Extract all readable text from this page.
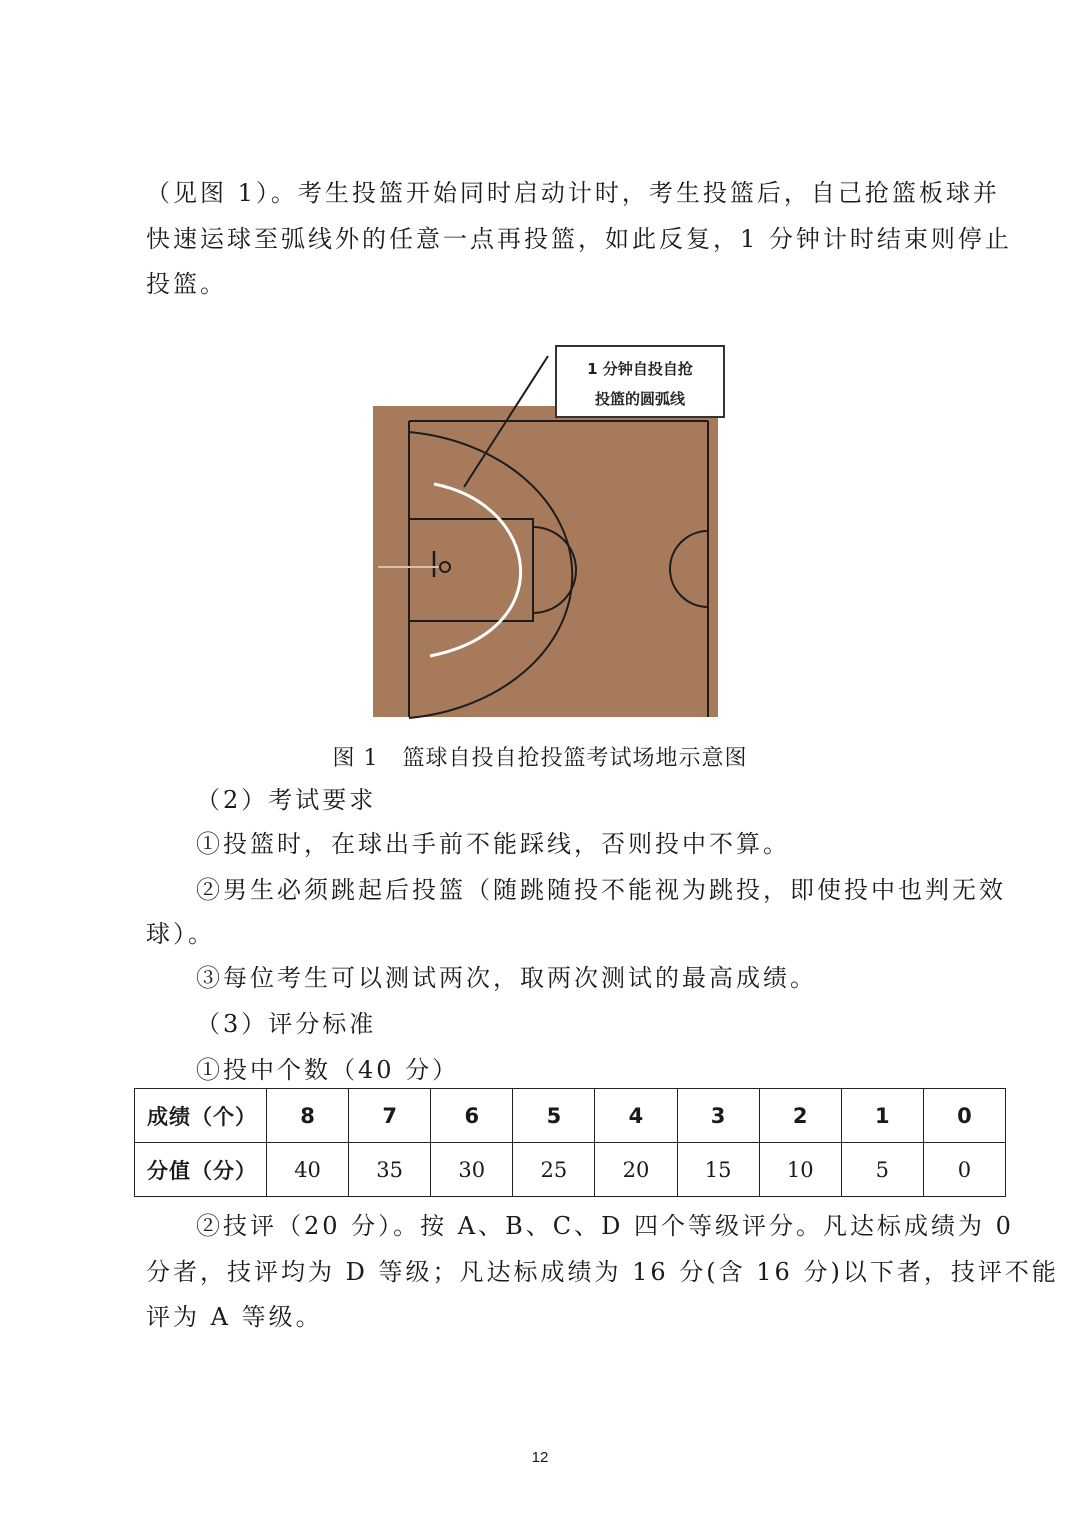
（见图 1）。考生投篮开始同时启动计时，考生投篮后，自己抢篮板球并
快速运球至弧线外的任意一点再投篮，如此反复，1 分钟计时结束则停止
投篮。
1 分钟自投自抢
投篮的圆弧线
图 1   篮球自投自抢投篮考试场地示意图
（2）考试要求
①投篮时，在球出手前不能踩线，否则投中不算。
②男生必须跳起后投篮（随跳随投不能视为跳投，即使投中也判无效
球）。
③每位考生可以测试两次，取两次测试的最高成绩。
（3）评分标准
①投中个数（40 分）
成绩（个）	8	7	6	5	4	3	2	1	0
分值（分）	40	35	30	25	20	15	10	5	0
②技评（20 分）。按 A、B、C、D 四个等级评分。凡达标成绩为 0
分者，技评均为 D 等级；凡达标成绩为 16 分(含 16 分)以下者，技评不能
评为 A 等级。
12
